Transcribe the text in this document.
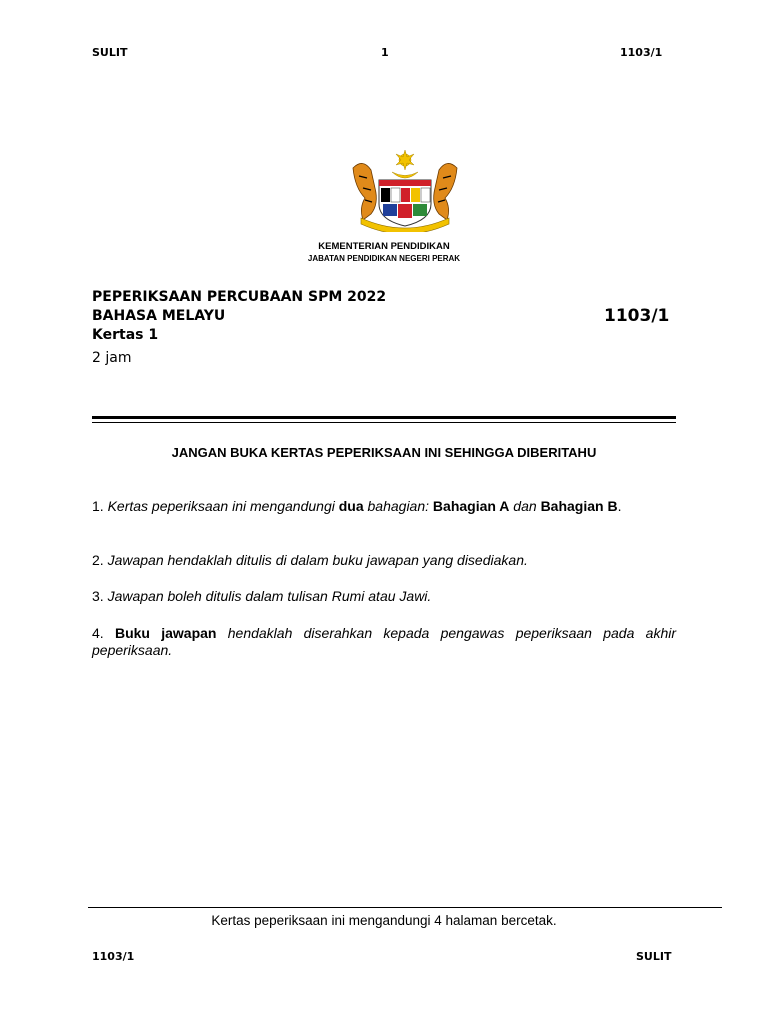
SULIT	1	1103/1
KEMENTERIAN PENDIDIKAN
JABATAN PENDIDIKAN NEGERI PERAK
PEPERIKSAAN PERCUBAAN SPM 2022
BAHASA MELAYU	1103/1
Kertas 1
2 jam
JANGAN BUKA KERTAS PEPERIKSAAN INI SEHINGGA DIBERITAHU
1. Kertas peperiksaan ini mengandungi dua bahagian: Bahagian A dan Bahagian B.
2. Jawapan hendaklah ditulis di dalam buku jawapan yang disediakan.
3. Jawapan boleh ditulis dalam tulisan Rumi atau Jawi.
4. Buku jawapan hendaklah diserahkan kepada pengawas peperiksaan pada akhir peperiksaan.
Kertas peperiksaan ini mengandungi 4 halaman bercetak.
1103/1	SULIT
